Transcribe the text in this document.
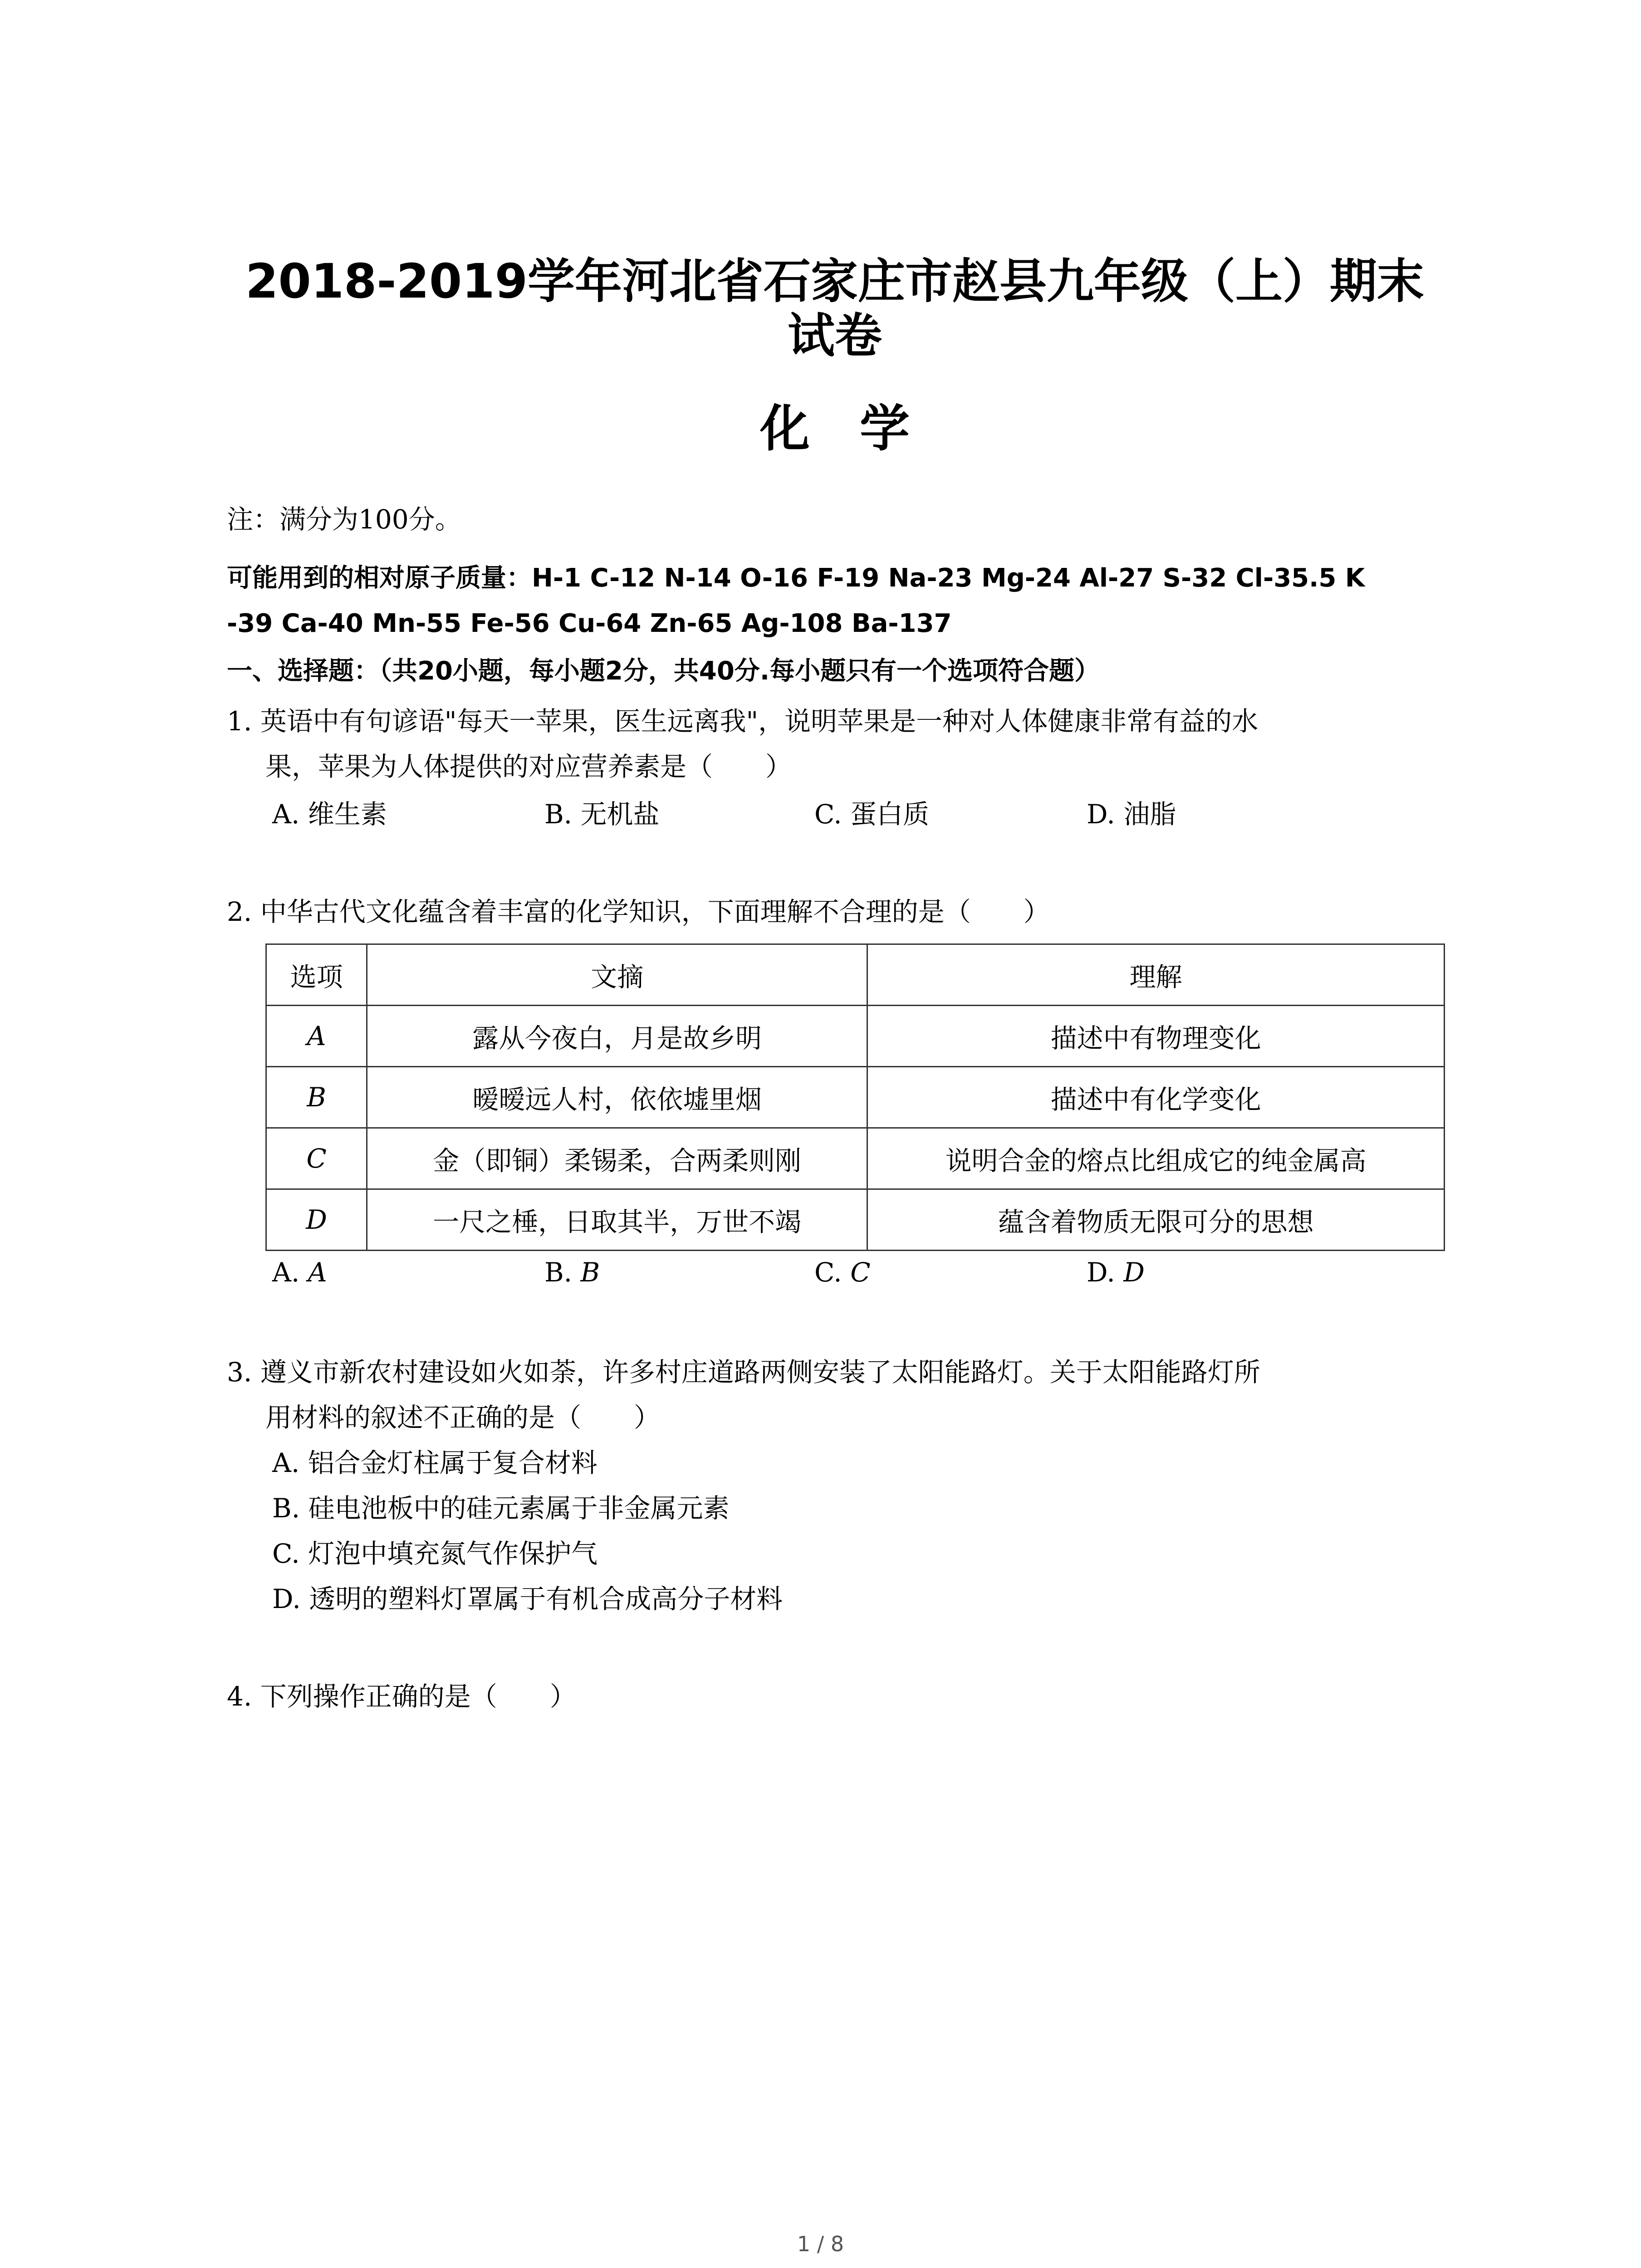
2018-2019学年河北省石家庄市赵县九年级（上）期末
试卷
化学
注：满分为100分。
可能用到的相对原子质量：H-1 C-12 N-14 O-16 F-19 Na-23 Mg-24 Al-27 S-32 Cl-35.5 K
-39 Ca-40 Mn-55 Fe-56 Cu-64 Zn-65 Ag-108 Ba-137
一、选择题：（共20小题，每小题2分，共40分.每小题只有一个选项符合题）
1. 英语中有句谚语"每天一苹果，医生远离我"，说明苹果是一种对人体健康非常有益的水
果，苹果为人体提供的对应营养素是（　　）
A. 维生素	B. 无机盐	C. 蛋白质	D. 油脂
2. 中华古代文化蕴含着丰富的化学知识，下面理解不合理的是（　　）
选项	文摘	理解
A	露从今夜白，月是故乡明	描述中有物理变化
B	暧暧远人村，依依墟里烟	描述中有化学变化
C	金（即铜）柔锡柔，合两柔则刚	说明合金的熔点比组成它的纯金属高
D	一尺之棰，日取其半，万世不竭	蕴含着物质无限可分的思想
A. A	B. B	C. C	D. D
3. 遵义市新农村建设如火如荼，许多村庄道路两侧安装了太阳能路灯。关于太阳能路灯所
用材料的叙述不正确的是（　　）
A. 铝合金灯柱属于复合材料
B. 硅电池板中的硅元素属于非金属元素
C. 灯泡中填充氮气作保护气
D. 透明的塑料灯罩属于有机合成高分子材料
4. 下列操作正确的是（　　）
1 / 8
